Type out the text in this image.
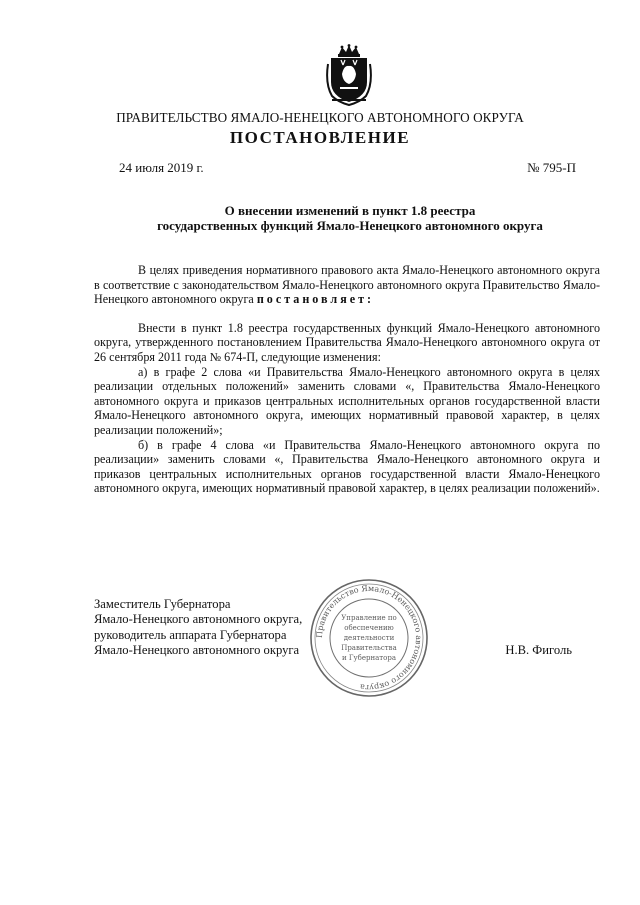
ПРАВИТЕЛЬСТВО ЯМАЛО-НЕНЕЦКОГО АВТОНОМНОГО ОКРУГА
ПОСТАНОВЛЕНИЕ
24 июля 2019 г.	№ 795-П
О внесении изменений в пункт 1.8 реестра
государственных функций Ямало-Ненецкого автономного округа

В целях приведения нормативного правового акта Ямало-Ненецкого автономного округа в соответствие с законодательством Ямало-Ненецкого автономного округа Правительство Ямало-Ненецкого автономного округа постановляет:

Внести в пункт 1.8 реестра государственных функций Ямало-Ненецкого автономного округа, утвержденного постановлением Правительства Ямало-Ненецкого автономного округа от 26 сентября 2011 года № 674-П, следующие изменения:

а) в графе 2 слова «и Правительства Ямало-Ненецкого автономного округа в целях реализации отдельных положений» заменить словами «, Правительства Ямало-Ненецкого автономного округа и приказов центральных исполнительных органов государственной власти Ямало-Ненецкого автономного округа, имеющих нормативный правовой характер, в целях реализации положений»;

б) в графе 4 слова «и Правительства Ямало-Ненецкого автономного округа по реализации» заменить словами «, Правительства Ямало-Ненецкого автономного округа и приказов центральных исполнительных органов государственной власти Ямало-Ненецкого автономного округа, имеющих нормативный правовой характер, в целях реализации положений».

Заместитель Губернатора
Ямало-Ненецкого автономного округа,
руководитель аппарата Губернатора
Ямало-Ненецкого автономного округа	Н.В. Фиголь
Правительство Ямало-Ненецкого автономного округа
Управление по
обеспечению
деятельности
Правительства
и Губернатора
